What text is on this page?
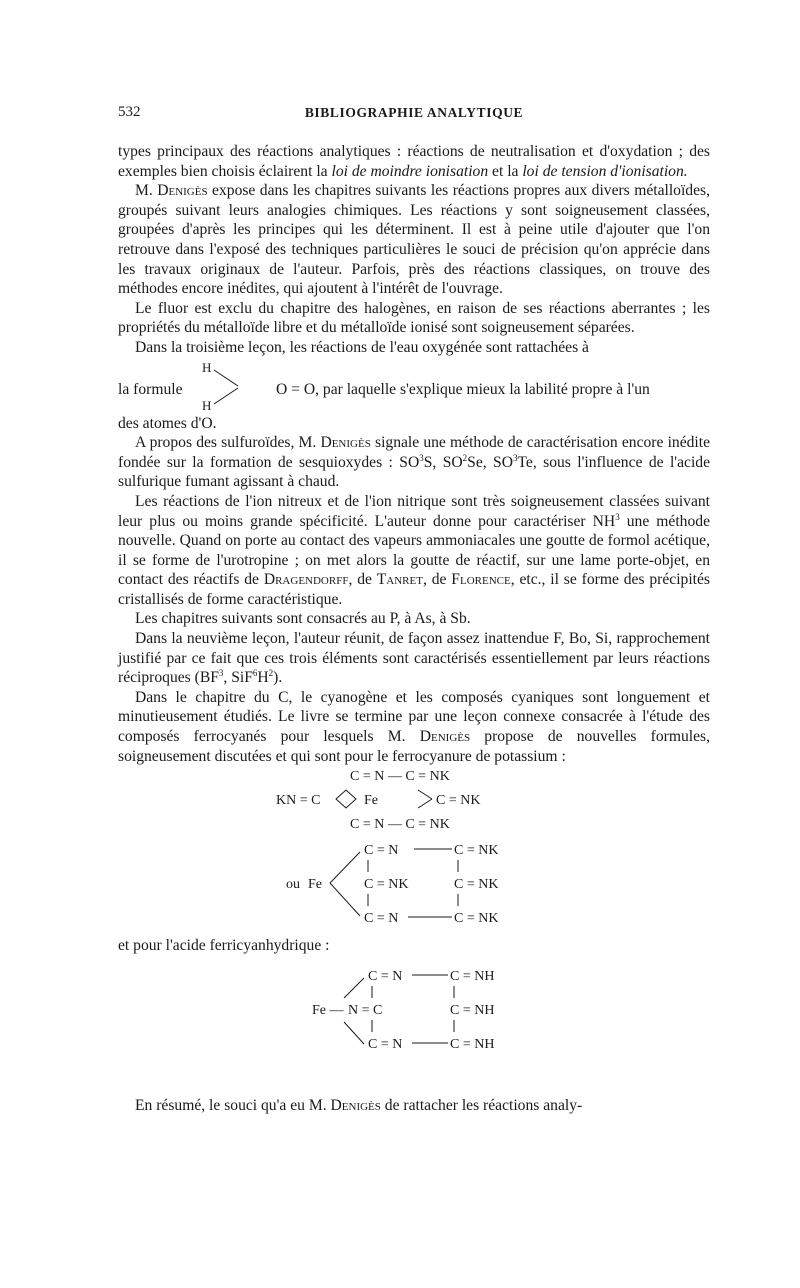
532	BIBLIOGRAPHIE ANALYTIQUE

types principaux des réactions analytiques : réactions de neutralisation et d'oxydation ; des exemples bien choisis éclairent la loi de moindre ionisation et la loi de tension d'ionisation.

M. Denigès expose dans les chapitres suivants les réactions propres aux divers métalloïdes, groupés suivant leurs analogies chimiques. Les réactions y sont soigneusement classées, groupées d'après les principes qui les déterminent. Il est à peine utile d'ajouter que l'on retrouve dans l'exposé des techniques particulières le souci de précision qu'on apprécie dans les travaux originaux de l'auteur. Parfois, près des réactions classiques, on trouve des méthodes encore inédites, qui ajoutent à l'intérêt de l'ouvrage.

Le fluor est exclu du chapitre des halogènes, en raison de ses réactions aberrantes ; les propriétés du métalloïde libre et du métalloïde ionisé sont soigneusement séparées.

Dans la troisième leçon, les réactions de l'eau oxygénée sont rattachées à

la formule
H
H
O = O, par laquelle s'explique mieux la labilité propre à l'un

des atomes d'O.

A propos des sulfuroïdes, M. Denigès signale une méthode de caractérisation encore inédite fondée sur la formation de sesquioxydes : $SO^3S$, $SO^2Se$, $SO^3Te$, sous l'influence de l'acide sulfurique fumant agissant à chaud.

Les réactions de l'ion nitreux et de l'ion nitrique sont très soigneusement classées suivant leur plus ou moins grande spécificité. L'auteur donne pour caractériser $NH^3$ une méthode nouvelle. Quand on porte au contact des vapeurs ammoniacales une goutte de formol acétique, il se forme de l'urotropine ; on met alors la goutte de réactif, sur une lame porte-objet, en contact des réactifs de Dragendorff, de Tanret, de Florence, etc., il se forme des précipités cristallisés de forme caractéristique.

Les chapitres suivants sont consacrés au P, à As, à Sb.

Dans la neuvième leçon, l'auteur réunit, de façon assez inattendue F, Bo, Si, rapprochement justifié par ce fait que ces trois éléments sont caractérisés essentiellement par leurs réactions réciproques ($BF^3$, $SiF^6H^2$).

Dans le chapitre du C, le cyanogène et les composés cyaniques sont longuement et minutieusement étudiés. Le livre se termine par une leçon connexe consacrée à l'étude des composés ferrocyanés pour lesquels M. Denigès propose de nouvelles formules, soigneusement discutées et qui sont pour le ferrocyanure de potassium :

C = N — C = NK
KN = C	Fe	C = NK
C = N — C = NK
ou Fe
C = N	C = NK
C = NK	C = NK
C = N	C = NK

et pour l'acide ferricyanhydrique :

C = N	C = NH
Fe — N = C	C = NH
C = N	C = NH

En résumé, le souci qu'a eu M. Denigès de rattacher les réactions analy-
